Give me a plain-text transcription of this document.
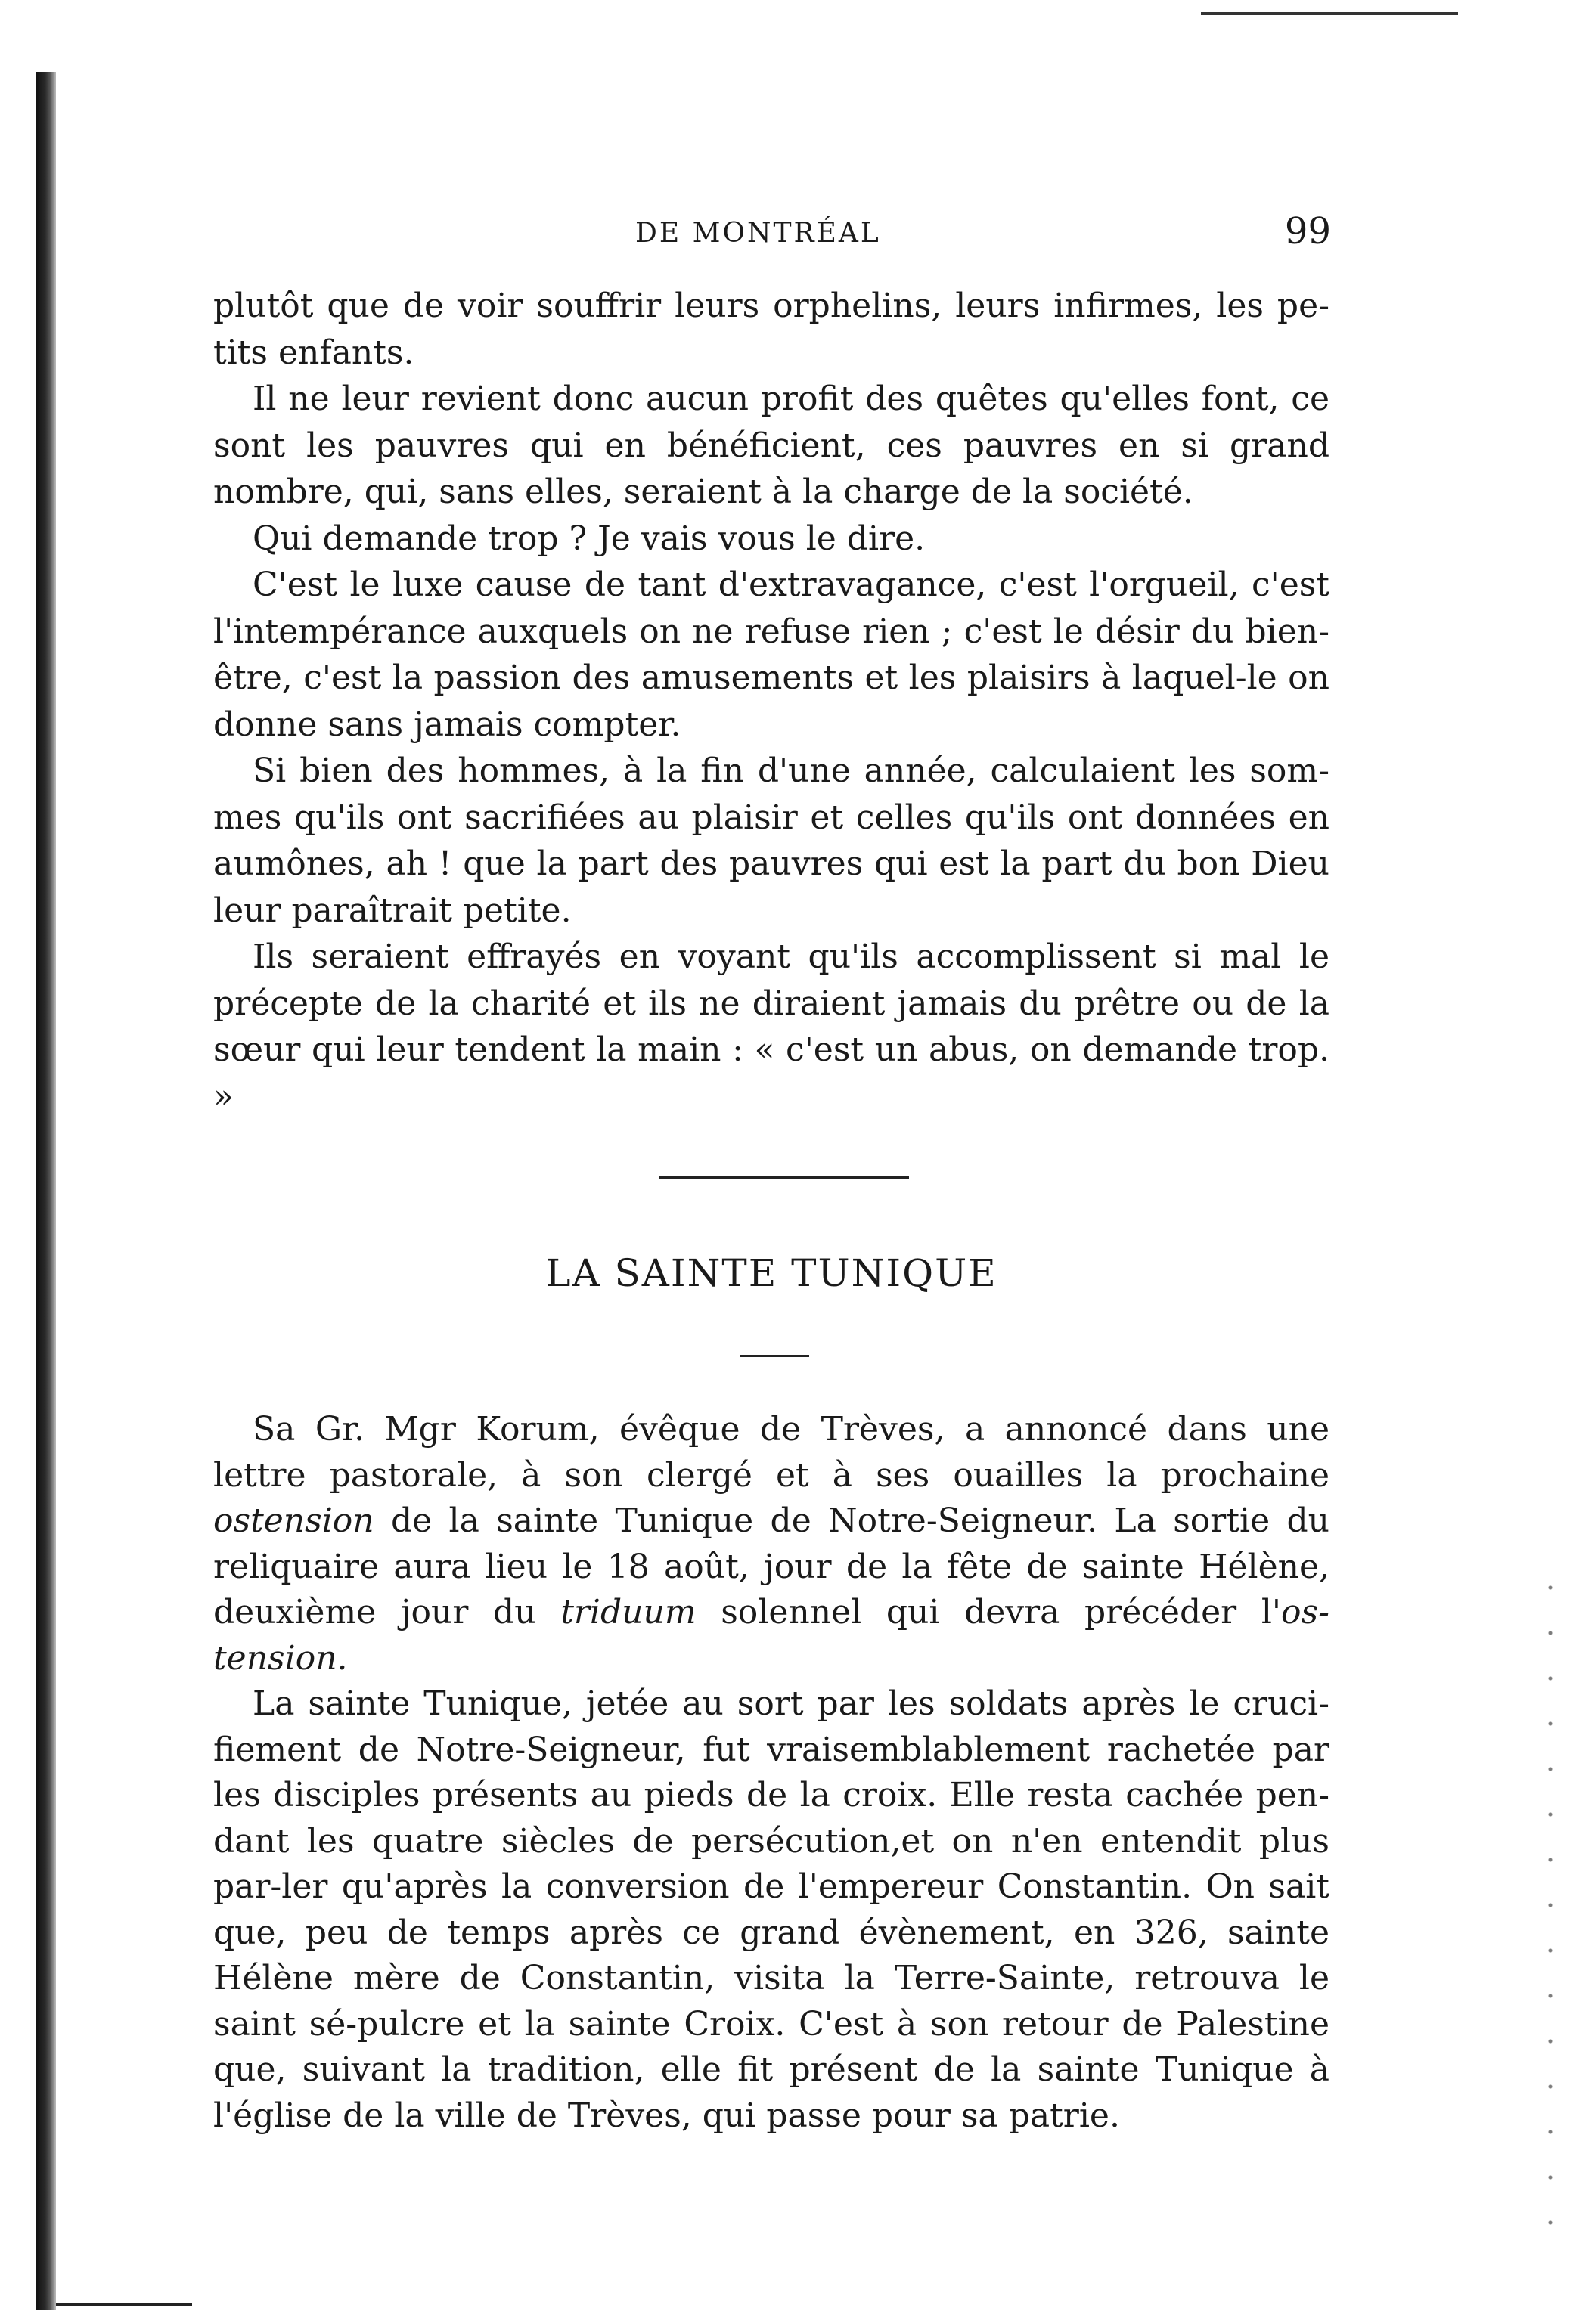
DE MONTRÉAL	99

plutôt que de voir souffrir leurs orphelins, leurs infirmes, les pe-tits enfants.

Il ne leur revient donc aucun profit des quêtes qu'elles font, ce sont les pauvres qui en bénéficient, ces pauvres en si grand nombre, qui, sans elles, seraient à la charge de la société.

Qui demande trop ? Je vais vous le dire.

C'est le luxe cause de tant d'extravagance, c'est l'orgueil, c'est l'intempérance auxquels on ne refuse rien ; c'est le désir du bien-être, c'est la passion des amusements et les plaisirs à laquel-le on donne sans jamais compter.

Si bien des hommes, à la fin d'une année, calculaient les som-mes qu'ils ont sacrifiées au plaisir et celles qu'ils ont données en aumônes, ah ! que la part des pauvres qui est la part du bon Dieu leur paraîtrait petite.

Ils seraient effrayés en voyant qu'ils accomplissent si mal le précepte de la charité et ils ne diraient jamais du prêtre ou de la sœur qui leur tendent la main : « c'est un abus, on demande trop. »

LA SAINTE TUNIQUE

Sa Gr. Mgr Korum, évêque de Trèves, a annoncé dans une lettre pastorale, à son clergé et à ses ouailles la prochaine ostension de la sainte Tunique de Notre-Seigneur. La sortie du reliquaire aura lieu le 18 août, jour de la fête de sainte Hélène, deuxième jour du triduum solennel qui devra précéder l'os-tension.

La sainte Tunique, jetée au sort par les soldats après le cruci-fiement de Notre-Seigneur, fut vraisemblablement rachetée par les disciples présents au pieds de la croix. Elle resta cachée pen-dant les quatre siècles de persécution,et on n'en entendit plus par-ler qu'après la conversion de l'empereur Constantin. On sait que, peu de temps après ce grand évènement, en 326, sainte Hélène mère de Constantin, visita la Terre-Sainte, retrouva le saint sé-pulcre et la sainte Croix. C'est à son retour de Palestine que, suivant la tradition, elle fit présent de la sainte Tunique à l'église de la ville de Trèves, qui passe pour sa patrie.
